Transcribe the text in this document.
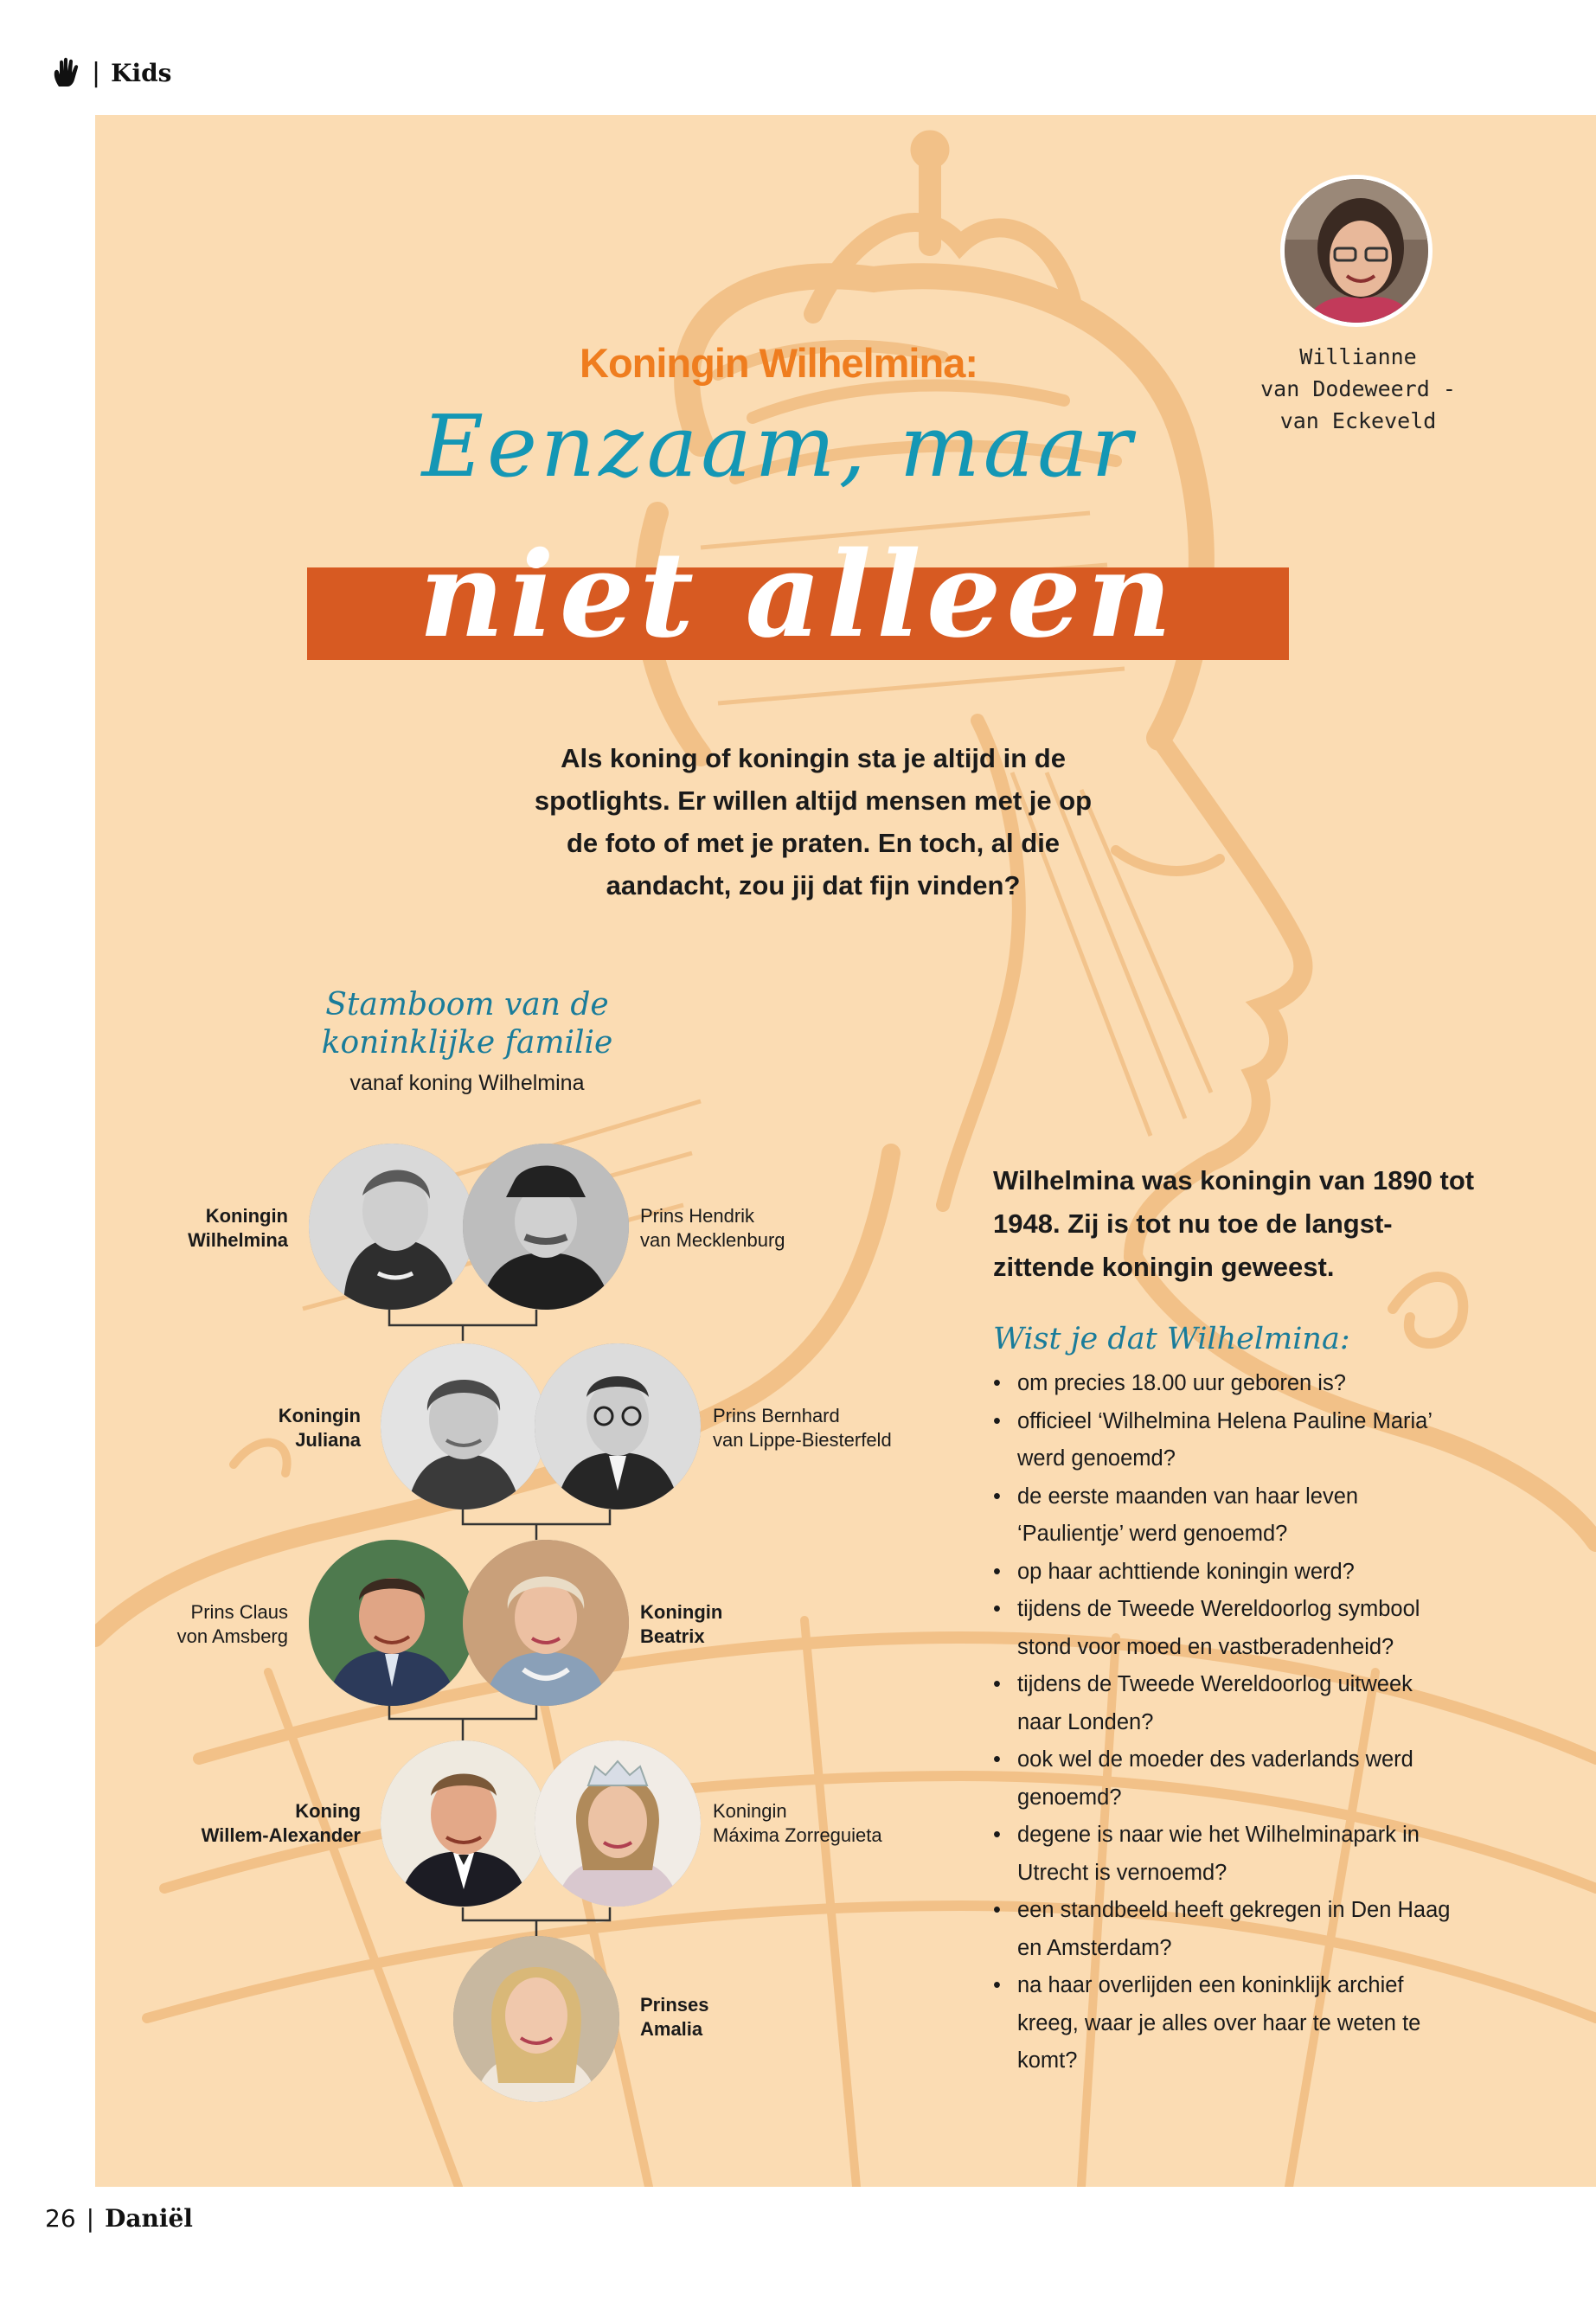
| Kids
Willianne
van Dodeweerd -
van Eckeveld
Koningin Wilhelmina:
Eenzaam, maar
niet alleen
Als koning of koningin sta je altijd in de spotlights. Er willen altijd mensen met je op de foto of met je praten. En toch, al die aandacht, zou jij dat fijn vinden?
Stamboom van de koninklijke familie
vanaf koning Wilhelmina
Koningin
Wilhelmina
Prins Hendrik
van Mecklenburg
Koningin
Juliana
Prins Bernhard
van Lippe-Biesterfeld
Prins Claus
von Amsberg
Koningin
Beatrix
Koning
Willem-Alexander
Koningin
Máxima Zorreguieta
Prinses
Amalia
Wilhelmina was koningin van 1890 tot 1948. Zij is tot nu toe de langst-zittende koningin geweest.
Wist je dat Wilhelmina:
• om precies 18.00 uur geboren is?
• officieel ‘Wilhelmina Helena Pauline Maria’ werd genoemd?
• de eerste maanden van haar leven ‘Paulientje’ werd genoemd?
• op haar achttiende koningin werd?
• tijdens de Tweede Wereldoorlog symbool stond voor moed en vastberadenheid?
• tijdens de Tweede Wereldoorlog uitweek naar Londen?
• ook wel de moeder des vaderlands werd genoemd?
• degene is naar wie het Wilhelminapark in Utrecht is vernoemd?
• een standbeeld heeft gekregen in Den Haag en Amsterdam?
• na haar overlijden een koninklijk archief kreeg, waar je alles over haar te weten te komt?
26 | Daniël
